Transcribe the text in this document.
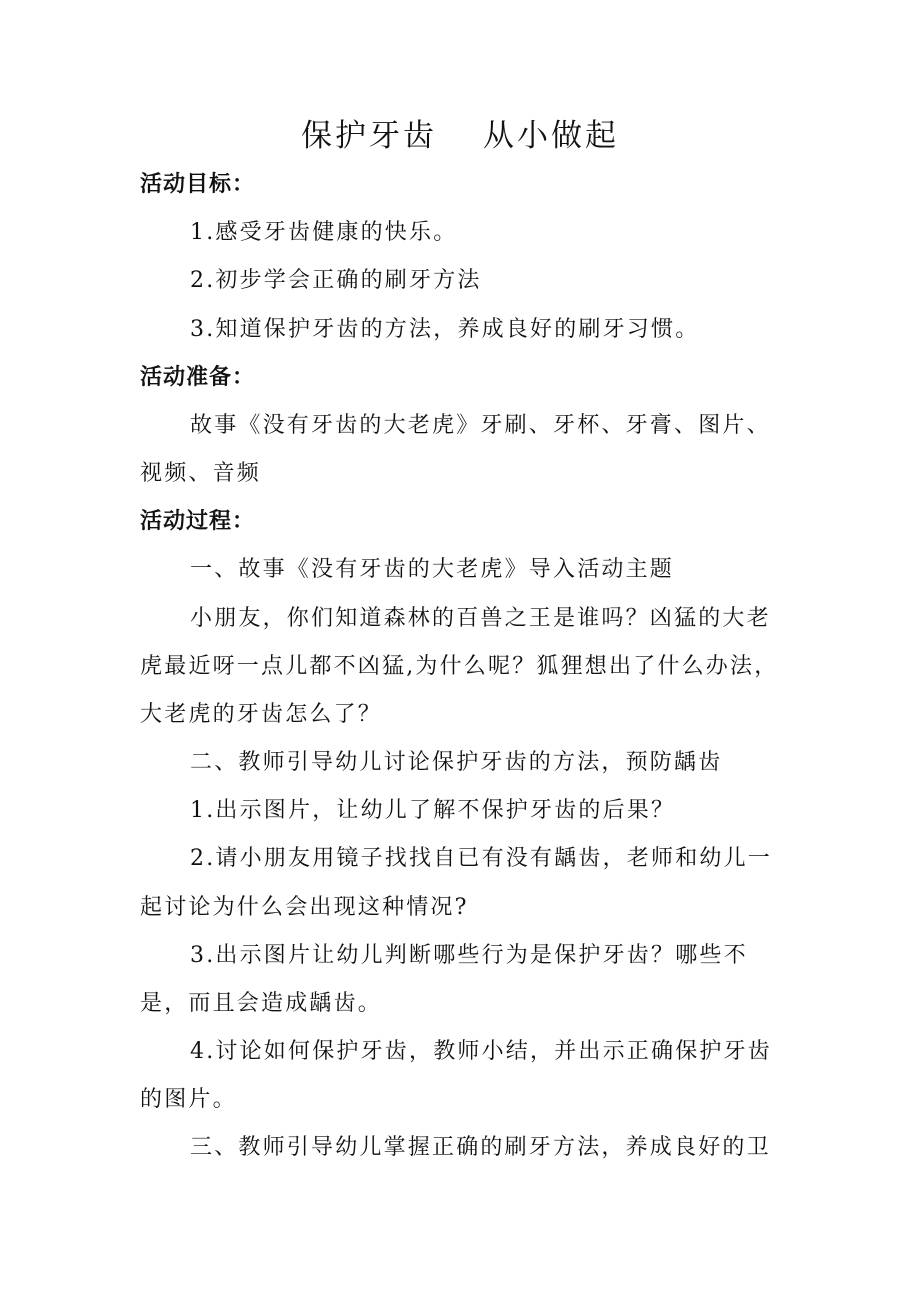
保护牙齿 从小做起
活动目标：
1.感受牙齿健康的快乐。
2.初步学会正确的刷牙方法
3.知道保护牙齿的方法，养成良好的刷牙习惯。
活动准备：
故事《没有牙齿的大老虎》牙刷、牙杯、牙膏、图片、
视频、音频
活动过程：
一、故事《没有牙齿的大老虎》导入活动主题
小朋友，你们知道森林的百兽之王是谁吗？凶猛的大老
虎最近呀一点儿都不凶猛,为什么呢？狐狸想出了什么办法，
大老虎的牙齿怎么了？
二、教师引导幼儿讨论保护牙齿的方法，预防龋齿
1.出示图片，让幼儿了解不保护牙齿的后果？
2.请小朋友用镜子找找自已有没有龋齿，老师和幼儿一
起讨论为什么会出现这种情况?
3.出示图片让幼儿判断哪些行为是保护牙齿？哪些不
是，而且会造成龋齿。
4.讨论如何保护牙齿，教师小结，并出示正确保护牙齿
的图片。
三、教师引导幼儿掌握正确的刷牙方法，养成良好的卫
